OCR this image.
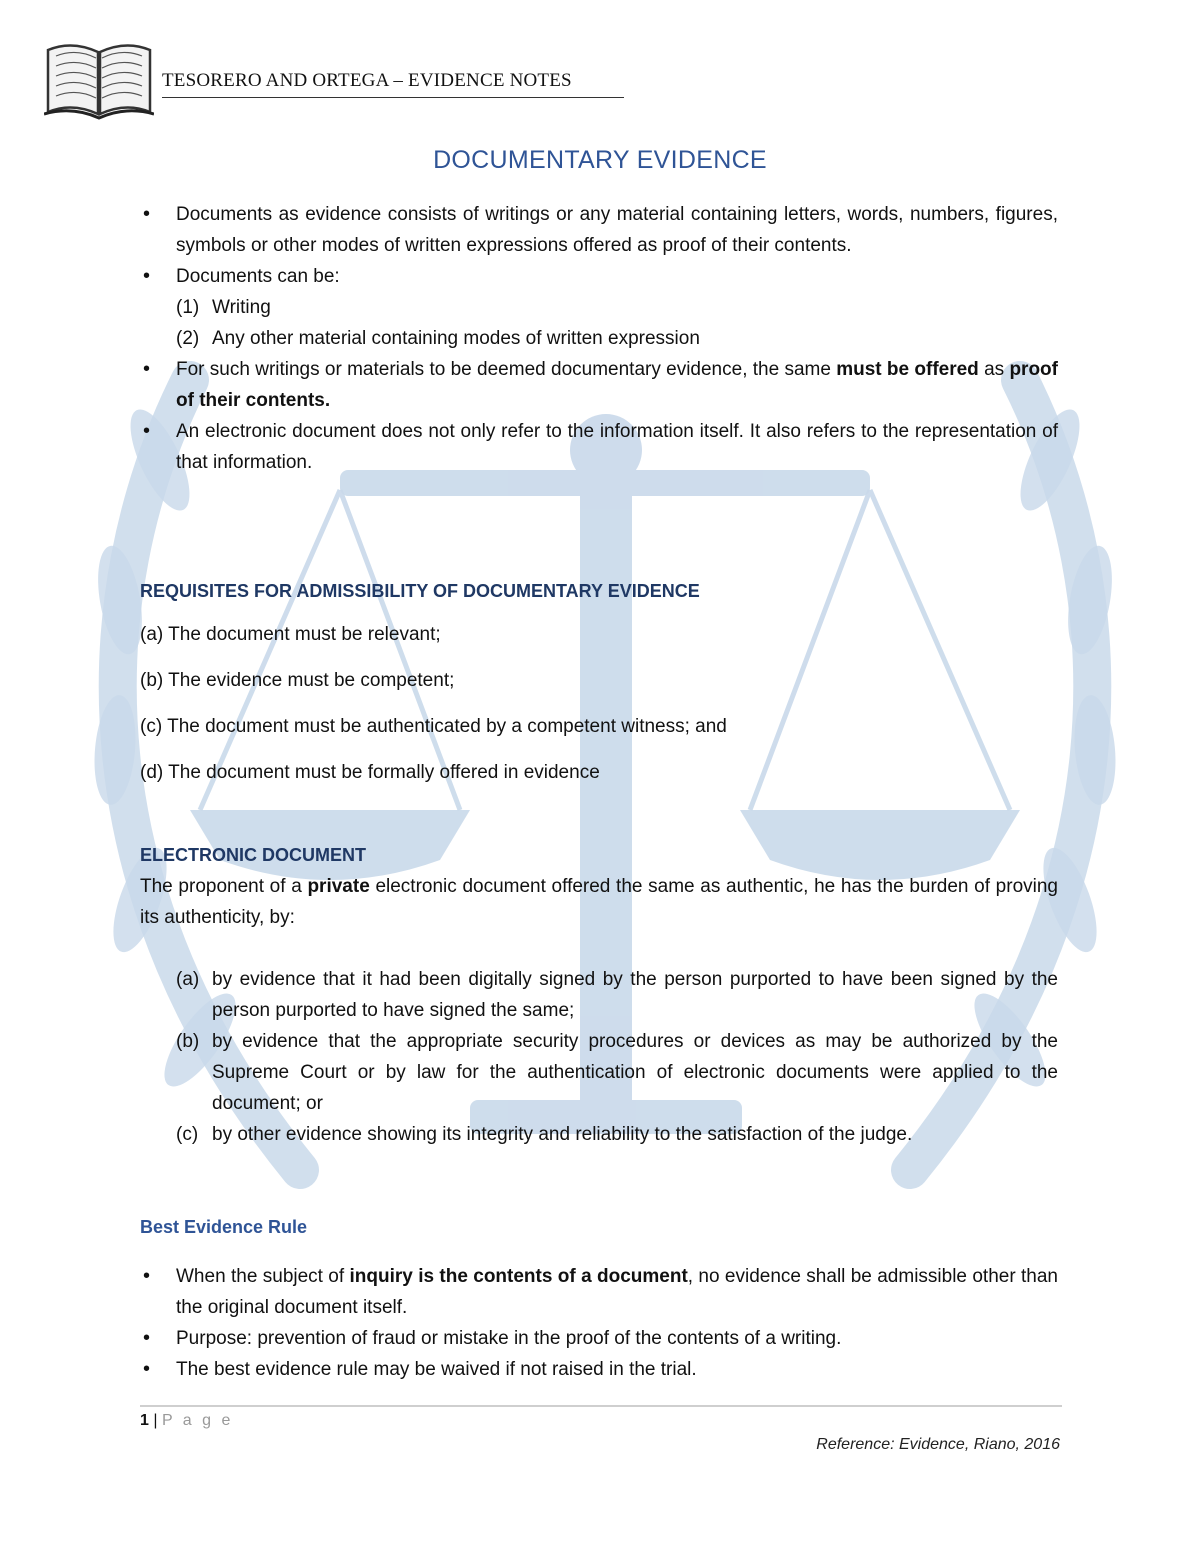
TESORERO AND ORTEGA – EVIDENCE NOTES
DOCUMENTARY EVIDENCE
• Documents as evidence consists of writings or any material containing letters, words, numbers, figures, symbols or other modes of written expressions offered as proof of their contents.
• Documents can be:
(1) Writing
(2) Any other material containing modes of written expression
• For such writings or materials to be deemed documentary evidence, the same must be offered as proof of their contents.
• An electronic document does not only refer to the information itself. It also refers to the representation of that information.
REQUISITES FOR ADMISSIBILITY OF DOCUMENTARY EVIDENCE
(a) The document must be relevant;
(b) The evidence must be competent;
(c) The document must be authenticated by a competent witness; and
(d) The document must be formally offered in evidence
ELECTRONIC DOCUMENT
The proponent of a private electronic document offered the same as authentic, he has the burden of proving its authenticity, by:
(a) by evidence that it had been digitally signed by the person purported to have been signed by the person purported to have signed the same;
(b) by evidence that the appropriate security procedures or devices as may be authorized by the Supreme Court or by law for the authentication of electronic documents were applied to the document; or
(c) by other evidence showing its integrity and reliability to the satisfaction of the judge.
Best Evidence Rule
• When the subject of inquiry is the contents of a document, no evidence shall be admissible other than the original document itself.
• Purpose: prevention of fraud or mistake in the proof of the contents of a writing.
• The best evidence rule may be waived if not raised in the trial.
1 | P a g e
Reference: Evidence, Riano, 2016
